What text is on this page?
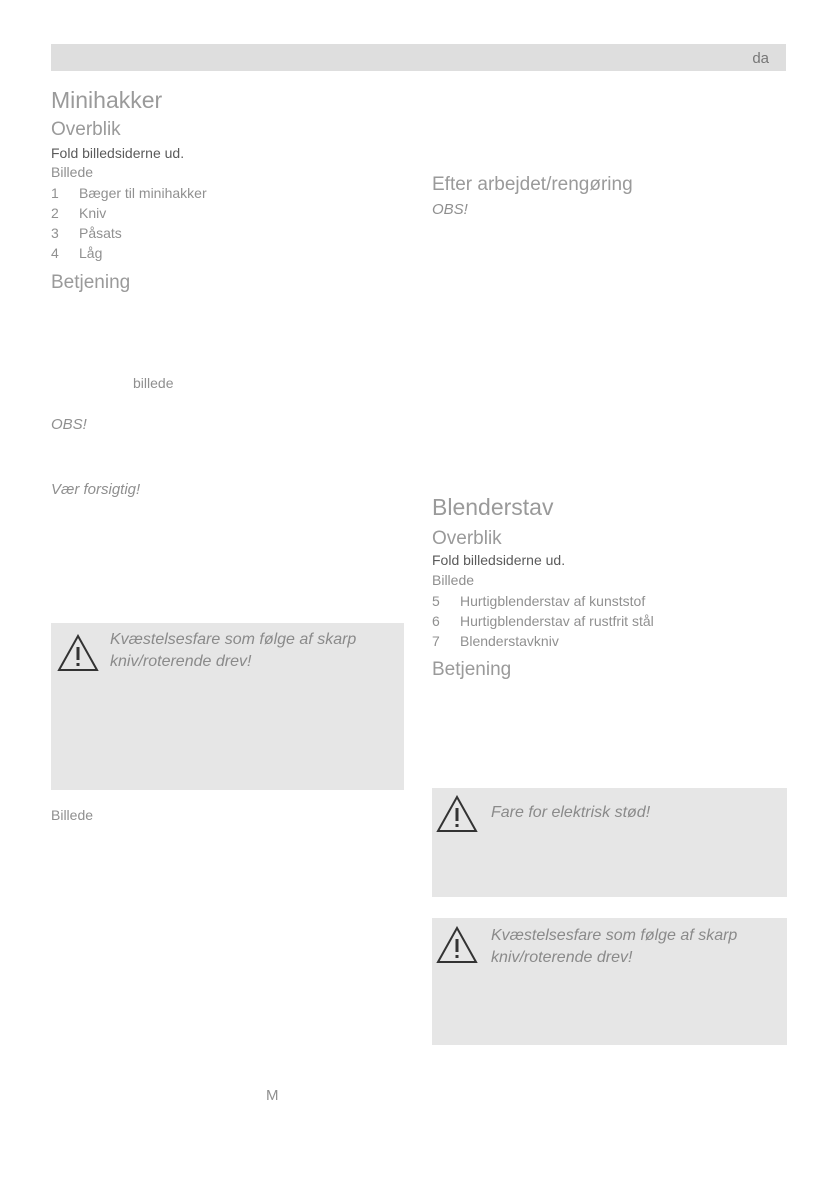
da
Minihakker
Overblik
Fold billedsiderne ud.
Billede
1 Bæger til minihakker
2 Kniv
3 Påsats
4 Låg
Betjening
billede
OBS!
Vær forsigtig!
Kvæstelsesfare som følge af skarp kniv/roterende drev!
Billede
M
Efter arbejdet/rengøring
OBS!
Blenderstav
Overblik
Fold billedsiderne ud.
Billede
5 Hurtigblenderstav af kunststof
6 Hurtigblenderstav af rustfrit stål
7 Blenderstavkniv
Betjening
Fare for elektrisk stød!
Kvæstelsesfare som følge af skarp kniv/roterende drev!
